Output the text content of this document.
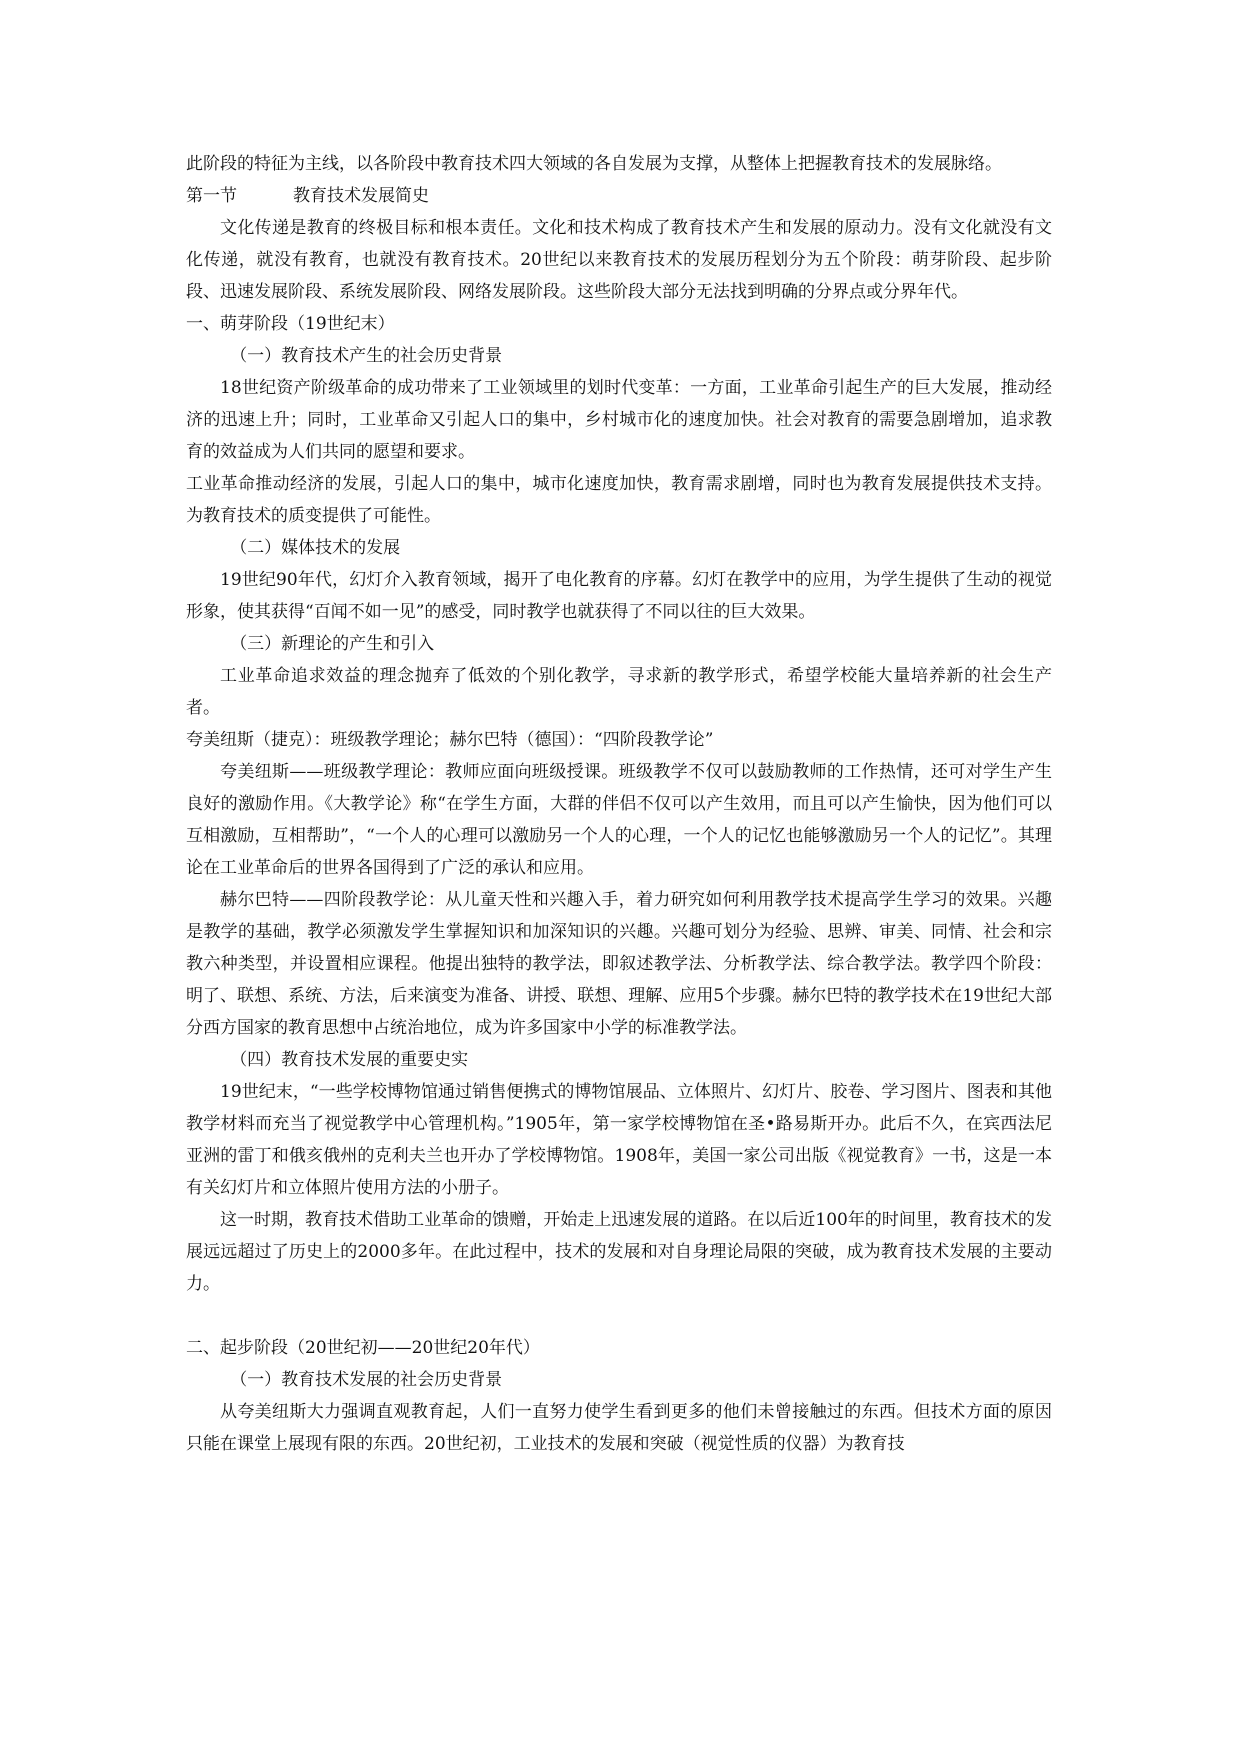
此阶段的特征为主线，以各阶段中教育技术四大领域的各自发展为支撑，从整体上把握教育技术的发展脉络。

第一节	教育技术发展简史

文化传递是教育的终极目标和根本责任。文化和技术构成了教育技术产生和发展的原动力。没有文化就没有文化传递，就没有教育，也就没有教育技术。20世纪以来教育技术的发展历程划分为五个阶段：萌芽阶段、起步阶段、迅速发展阶段、系统发展阶段、网络发展阶段。这些阶段大部分无法找到明确的分界点或分界年代。

一、萌芽阶段（19世纪末）

（一）教育技术产生的社会历史背景

18世纪资产阶级革命的成功带来了工业领域里的划时代变革：一方面，工业革命引起生产的巨大发展，推动经济的迅速上升；同时，工业革命又引起人口的集中，乡村城市化的速度加快。社会对教育的需要急剧增加，追求教育的效益成为人们共同的愿望和要求。

工业革命推动经济的发展，引起人口的集中，城市化速度加快，教育需求剧增，同时也为教育发展提供技术支持。为教育技术的质变提供了可能性。

（二）媒体技术的发展

19世纪90年代，幻灯介入教育领域，揭开了电化教育的序幕。幻灯在教学中的应用，为学生提供了生动的视觉形象，使其获得“百闻不如一见”的感受，同时教学也就获得了不同以往的巨大效果。

（三）新理论的产生和引入

工业革命追求效益的理念抛弃了低效的个别化教学，寻求新的教学形式，希望学校能大量培养新的社会生产者。

夸美纽斯（捷克）：班级教学理论；赫尔巴特（德国）：“四阶段教学论”

夸美纽斯——班级教学理论：教师应面向班级授课。班级教学不仅可以鼓励教师的工作热情，还可对学生产生良好的激励作用。《大教学论》称“在学生方面，大群的伴侣不仅可以产生效用，而且可以产生愉快，因为他们可以互相激励，互相帮助”，“一个人的心理可以激励另一个人的心理，一个人的记忆也能够激励另一个人的记忆”。其理论在工业革命后的世界各国得到了广泛的承认和应用。

赫尔巴特——四阶段教学论：从儿童天性和兴趣入手，着力研究如何利用教学技术提高学生学习的效果。兴趣是教学的基础，教学必须激发学生掌握知识和加深知识的兴趣。兴趣可划分为经验、思辨、审美、同情、社会和宗教六种类型，并设置相应课程。他提出独特的教学法，即叙述教学法、分析教学法、综合教学法。教学四个阶段：明了、联想、系统、方法，后来演变为准备、讲授、联想、理解、应用5个步骤。赫尔巴特的教学技术在19世纪大部分西方国家的教育思想中占统治地位，成为许多国家中小学的标准教学法。

（四）教育技术发展的重要史实

19世纪末，“一些学校博物馆通过销售便携式的博物馆展品、立体照片、幻灯片、胶卷、学习图片、图表和其他教学材料而充当了视觉教学中心管理机构。”1905年，第一家学校博物馆在圣•路易斯开办。此后不久，在宾西法尼亚洲的雷丁和俄亥俄州的克利夫兰也开办了学校博物馆。1908年，美国一家公司出版《视觉教育》一书，这是一本有关幻灯片和立体照片使用方法的小册子。

这一时期，教育技术借助工业革命的馈赠，开始走上迅速发展的道路。在以后近100年的时间里，教育技术的发展远远超过了历史上的2000多年。在此过程中，技术的发展和对自身理论局限的突破，成为教育技术发展的主要动力。

二、起步阶段（20世纪初——20世纪20年代）

（一）教育技术发展的社会历史背景

从夸美纽斯大力强调直观教育起，人们一直努力使学生看到更多的他们未曾接触过的东西。但技术方面的原因只能在课堂上展现有限的东西。20世纪初，工业技术的发展和突破（视觉性质的仪器）为教育技
